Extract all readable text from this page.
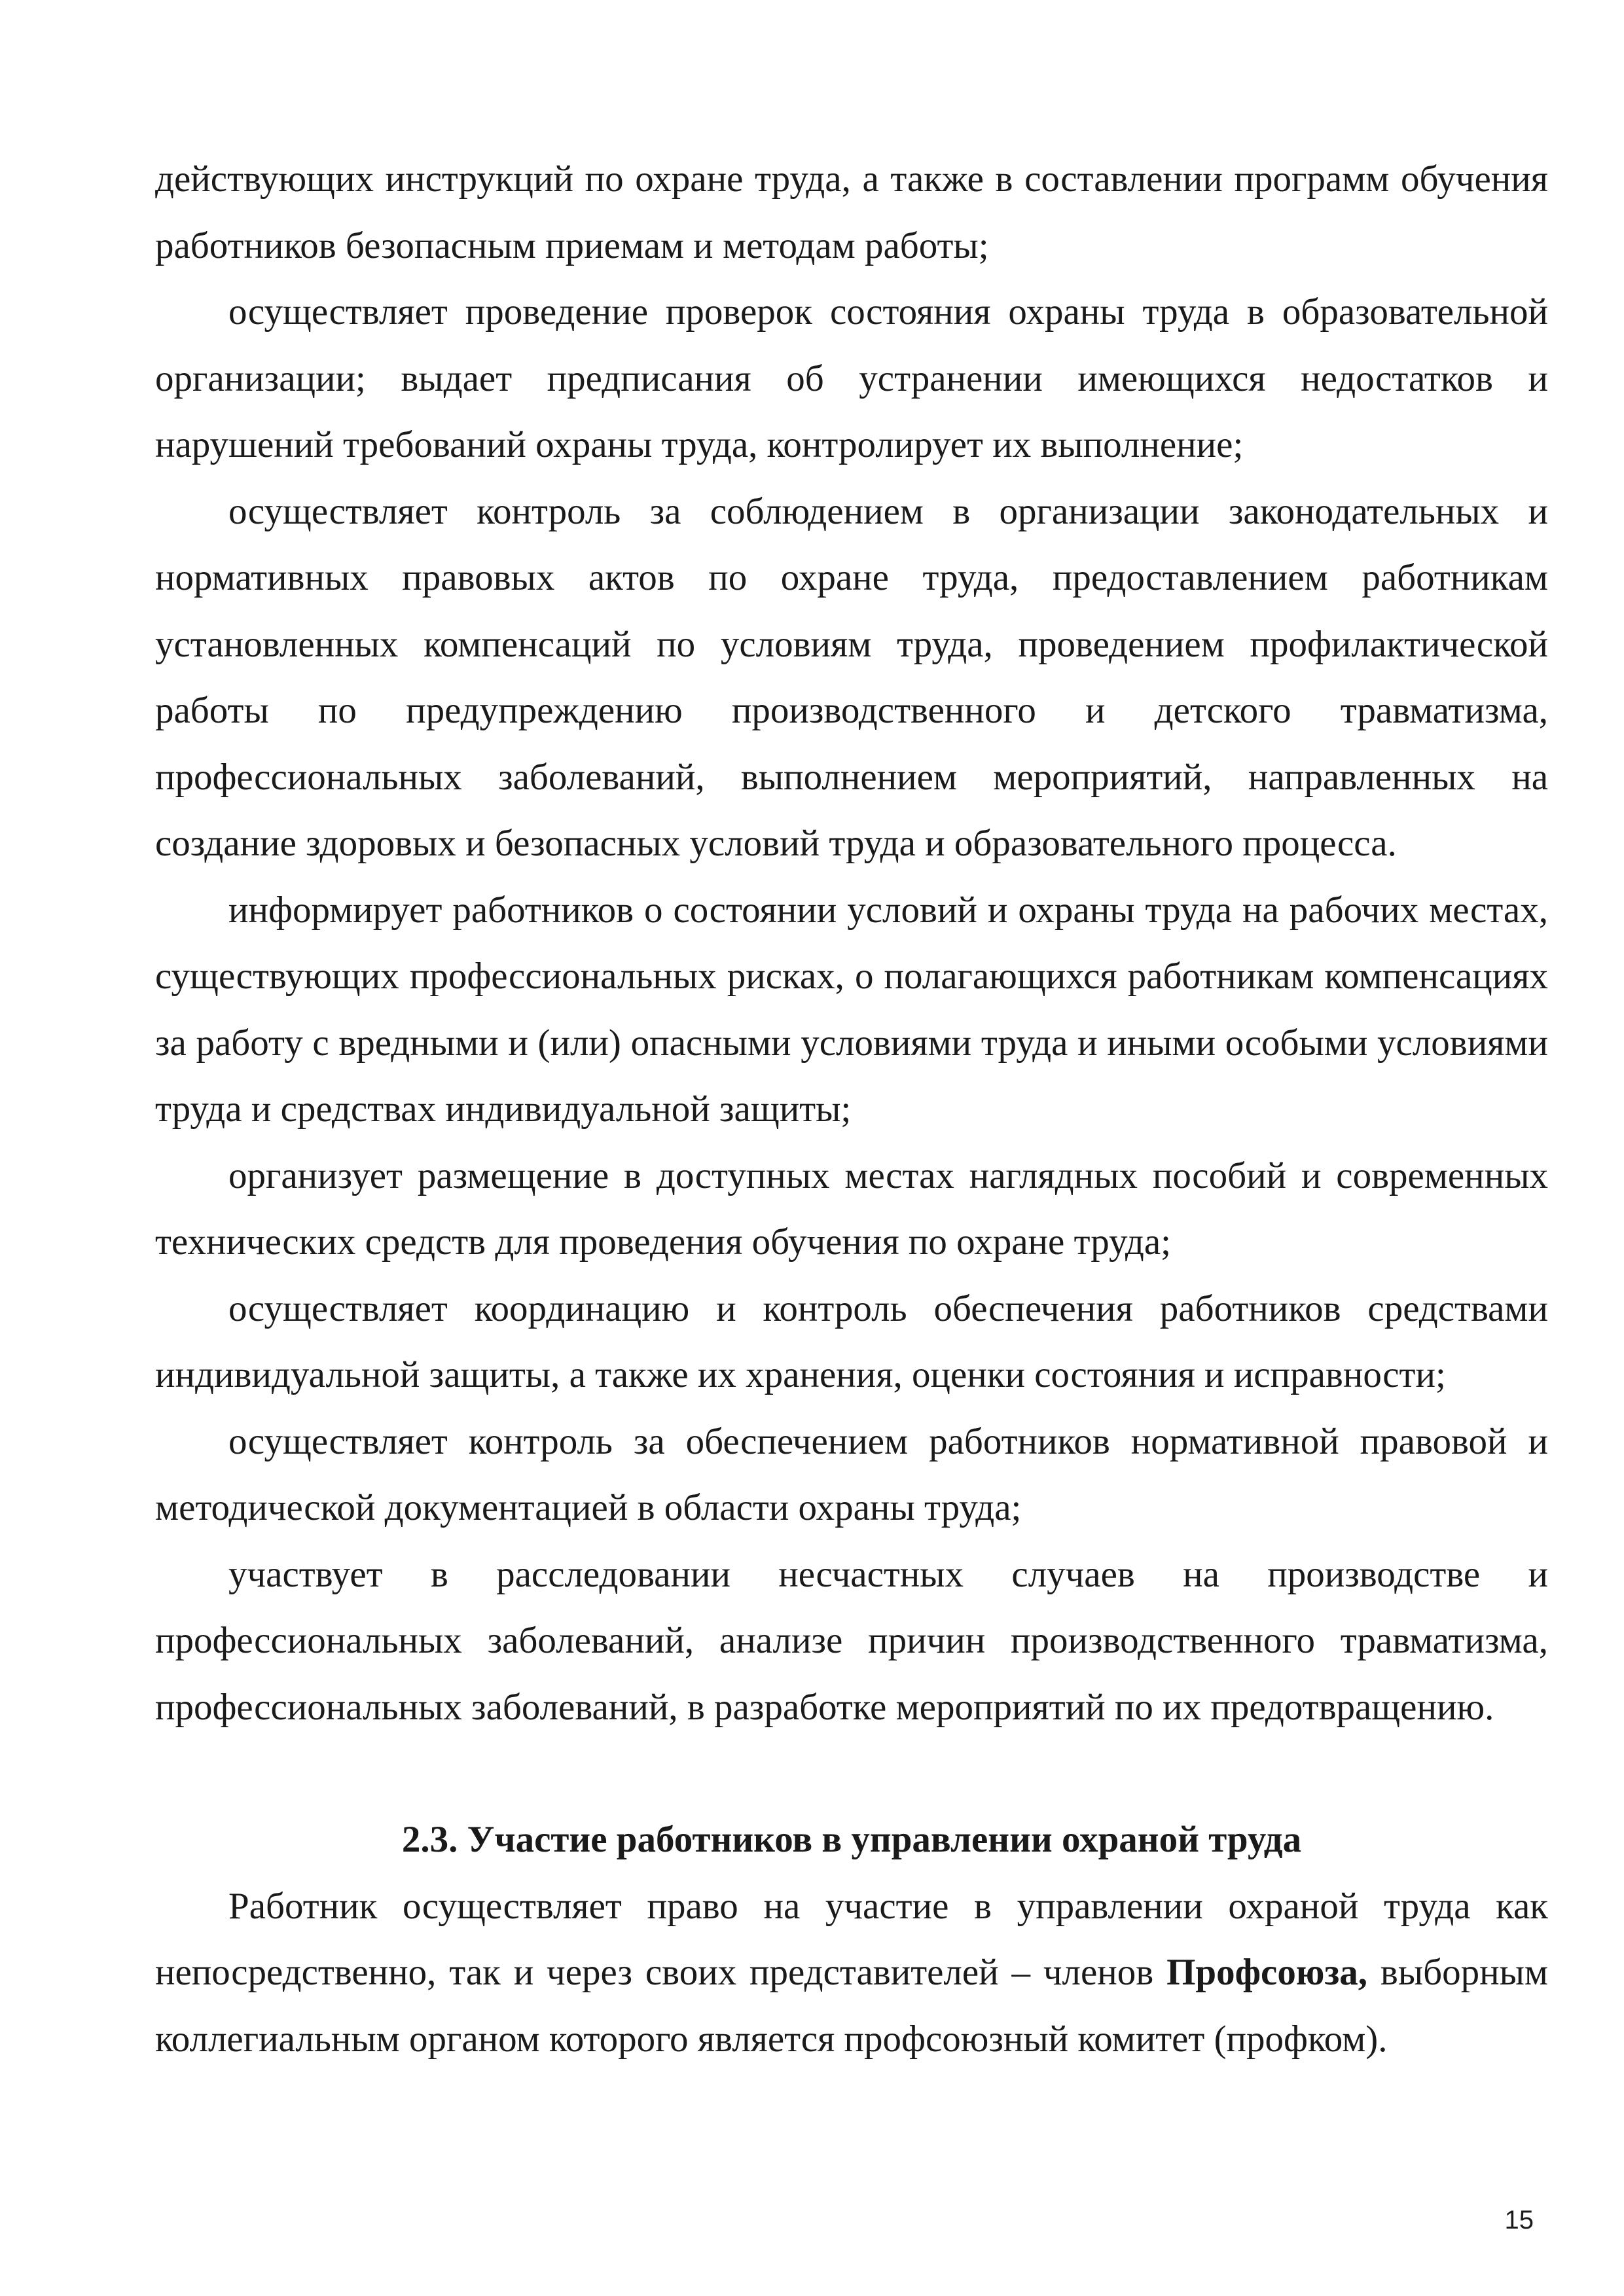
действующих инструкций по охране труда, а также в составлении программ обучения работников безопасным приемам и методам работы;

осуществляет проведение проверок состояния охраны труда в образовательной организации; выдает предписания об устранении имеющихся недостатков и нарушений требований охраны труда, контролирует их выполнение;

осуществляет контроль за соблюдением в организации законодательных и нормативных правовых актов по охране труда, предоставлением работникам установленных компенсаций по условиям труда, проведением профилактической работы по предупреждению производственного и детского травматизма, профессиональных заболеваний, выполнением мероприятий, направленных на создание здоровых и безопасных условий труда и образовательного процесса.

информирует работников о состоянии условий и охраны труда на рабочих местах, существующих профессиональных рисках, о полагающихся работникам компенсациях за работу с вредными и (или) опасными условиями труда и иными особыми условиями труда и средствах индивидуальной защиты;

организует размещение в доступных местах наглядных пособий и современных технических средств для проведения обучения по охране труда;

осуществляет координацию и контроль обеспечения работников средствами индивидуальной защиты, а также их хранения, оценки состояния и исправности;

осуществляет контроль за обеспечением работников нормативной правовой и методической документацией в области охраны труда;

участвует в расследовании несчастных случаев на производстве и профессиональных заболеваний, анализе причин производственного травматизма, профессиональных заболеваний, в разработке мероприятий по их предотвращению.

2.3. Участие работников в управлении охраной труда

Работник осуществляет право на участие в управлении охраной труда как непосредственно, так и через своих представителей – членов Профсоюза, выборным коллегиальным органом которого является профсоюзный комитет (профком).

15
